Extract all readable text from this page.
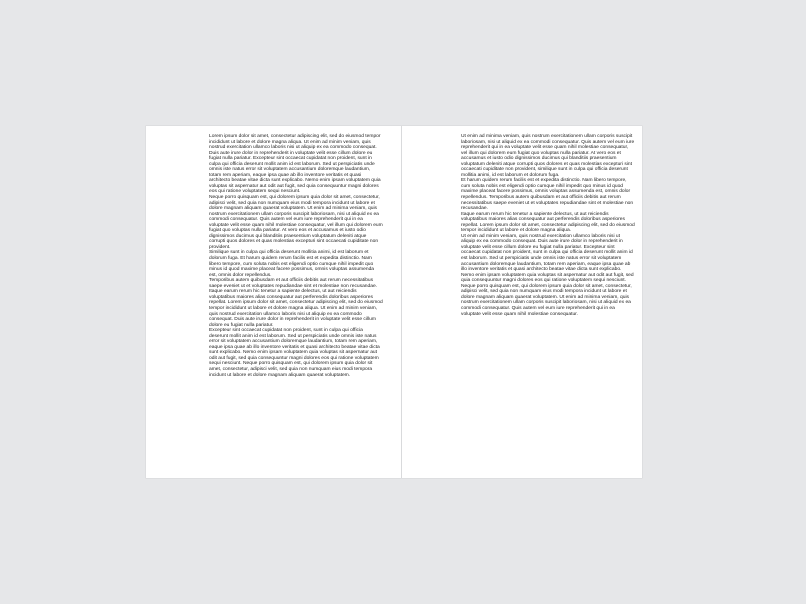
Lorem ipsum dolor sit amet, consectetur adipiscing elit, sed do eiusmod tempor incididunt ut labore et dolore magna aliqua. Ut enim ad minim veniam, quis nostrud exercitation ullamco laboris nisi ut aliquip ex ea commodo consequat. Duis aute irure dolor in reprehenderit in voluptate velit esse cillum dolore eu fugiat nulla pariatur. Excepteur sint occaecat cupidatat non proident, sunt in culpa qui officia deserunt mollit anim id est laborum. Sed ut perspiciatis unde omnis iste natus error sit voluptatem accusantium doloremque laudantium, totam rem aperiam, eaque ipsa quae ab illo inventore veritatis et quasi architecto beatae vitae dicta sunt explicabo. Nemo enim ipsam voluptatem quia voluptas sit aspernatur aut odit aut fugit, sed quia consequuntur magni dolores eos qui ratione voluptatem sequi nesciunt.

Neque porro quisquam est, qui dolorem ipsum quia dolor sit amet, consectetur, adipisci velit, sed quia non numquam eius modi tempora incidunt ut labore et dolore magnam aliquam quaerat voluptatem. Ut enim ad minima veniam, quis nostrum exercitationem ullam corporis suscipit laboriosam, nisi ut aliquid ex ea commodi consequatur. Quis autem vel eum iure reprehenderit qui in ea voluptate velit esse quam nihil molestiae consequatur, vel illum qui dolorem eum fugiat quo voluptas nulla pariatur. At vero eos et accusamus et iusto odio dignissimos ducimus qui blanditiis praesentium voluptatum deleniti atque corrupti quos dolores et quas molestias excepturi sint occaecati cupiditate non provident.

Similique sunt in culpa qui officia deserunt mollitia animi, id est laborum et dolorum fuga. Et harum quidem rerum facilis est et expedita distinctio. Nam libero tempore, cum soluta nobis est eligendi optio cumque nihil impedit quo minus id quod maxime placeat facere possimus, omnis voluptas assumenda est, omnis dolor repellendus.

Temporibus autem quibusdam et aut officiis debitis aut rerum necessitatibus saepe eveniet ut et voluptates repudiandae sint et molestiae non recusandae. Itaque earum rerum hic tenetur a sapiente delectus, ut aut reiciendis voluptatibus maiores alias consequatur aut perferendis doloribus asperiores repellat. Lorem ipsum dolor sit amet, consectetur adipiscing elit, sed do eiusmod tempor incididunt ut labore et dolore magna aliqua. Ut enim ad minim veniam, quis nostrud exercitation ullamco laboris nisi ut aliquip ex ea commodo consequat. Duis aute irure dolor in reprehenderit in voluptate velit esse cillum dolore eu fugiat nulla pariatur.

Excepteur sint occaecat cupidatat non proident, sunt in culpa qui officia deserunt mollit anim id est laborum. Sed ut perspiciatis unde omnis iste natus error sit voluptatem accusantium doloremque laudantium, totam rem aperiam, eaque ipsa quae ab illo inventore veritatis et quasi architecto beatae vitae dicta sunt explicabo. Nemo enim ipsam voluptatem quia voluptas sit aspernatur aut odit aut fugit, sed quia consequuntur magni dolores eos qui ratione voluptatem sequi nesciunt. Neque porro quisquam est, qui dolorem ipsum quia dolor sit amet, consectetur, adipisci velit, sed quia non numquam eius modi tempora incidunt ut labore et dolore magnam aliquam quaerat voluptatem.

Ut enim ad minima veniam, quis nostrum exercitationem ullam corporis suscipit laboriosam, nisi ut aliquid ex ea commodi consequatur. Quis autem vel eum iure reprehenderit qui in ea voluptate velit esse quam nihil molestiae consequatur, vel illum qui dolorem eum fugiat quo voluptas nulla pariatur. At vero eos et accusamus et iusto odio dignissimos ducimus qui blanditiis praesentium voluptatum deleniti atque corrupti quos dolores et quas molestias excepturi sint occaecati cupiditate non provident, similique sunt in culpa qui officia deserunt mollitia animi, id est laborum et dolorum fuga.

Et harum quidem rerum facilis est et expedita distinctio. Nam libero tempore, cum soluta nobis est eligendi optio cumque nihil impedit quo minus id quod maxime placeat facere possimus, omnis voluptas assumenda est, omnis dolor repellendus. Temporibus autem quibusdam et aut officiis debitis aut rerum necessitatibus saepe eveniet ut et voluptates repudiandae sint et molestiae non recusandae.

Itaque earum rerum hic tenetur a sapiente delectus, ut aut reiciendis voluptatibus maiores alias consequatur aut perferendis doloribus asperiores repellat. Lorem ipsum dolor sit amet, consectetur adipiscing elit, sed do eiusmod tempor incididunt ut labore et dolore magna aliqua.

Ut enim ad minim veniam, quis nostrud exercitation ullamco laboris nisi ut aliquip ex ea commodo consequat. Duis aute irure dolor in reprehenderit in voluptate velit esse cillum dolore eu fugiat nulla pariatur. Excepteur sint occaecat cupidatat non proident, sunt in culpa qui officia deserunt mollit anim id est laborum. Sed ut perspiciatis unde omnis iste natus error sit voluptatem accusantium doloremque laudantium, totam rem aperiam, eaque ipsa quae ab illo inventore veritatis et quasi architecto beatae vitae dicta sunt explicabo. Nemo enim ipsam voluptatem quia voluptas sit aspernatur aut odit aut fugit, sed quia consequuntur magni dolores eos qui ratione voluptatem sequi nesciunt. Neque porro quisquam est, qui dolorem ipsum quia dolor sit amet, consectetur, adipisci velit, sed quia non numquam eius modi tempora incidunt ut labore et dolore magnam aliquam quaerat voluptatem. Ut enim ad minima veniam, quis nostrum exercitationem ullam corporis suscipit laboriosam, nisi ut aliquid ex ea commodi consequatur. Quis autem vel eum iure reprehenderit qui in ea voluptate velit esse quam nihil molestiae consequatur.
